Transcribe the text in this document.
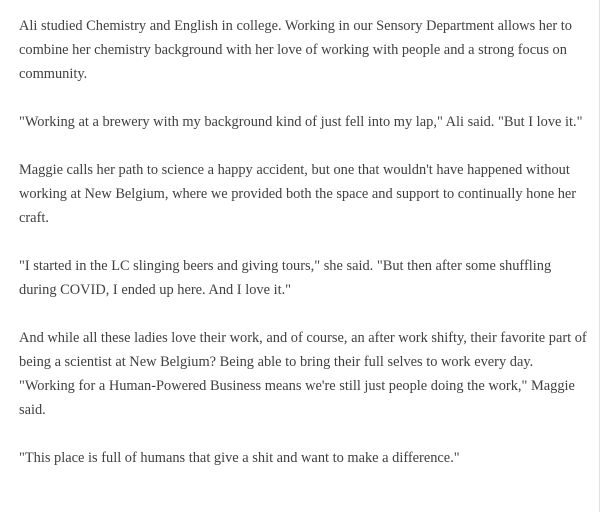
Ali studied Chemistry and English in college. Working in our Sensory Department allows her to combine her chemistry background with her love of working with people and a strong focus on community.

"Working at a brewery with my background kind of just fell into my lap," Ali said. "But I love it."

Maggie calls her path to science a happy accident, but one that wouldn't have happened without working at New Belgium, where we provided both the space and support to continually hone her craft.

"I started in the LC slinging beers and giving tours," she said. "But then after some shuffling during COVID, I ended up here. And I love it."

And while all these ladies love their work, and of course, an after work shifty, their favorite part of being a scientist at New Belgium? Being able to bring their full selves to work every day. "Working for a Human-Powered Business means we're still just people doing the work," Maggie said.

"This place is full of humans that give a shit and want to make a difference."
